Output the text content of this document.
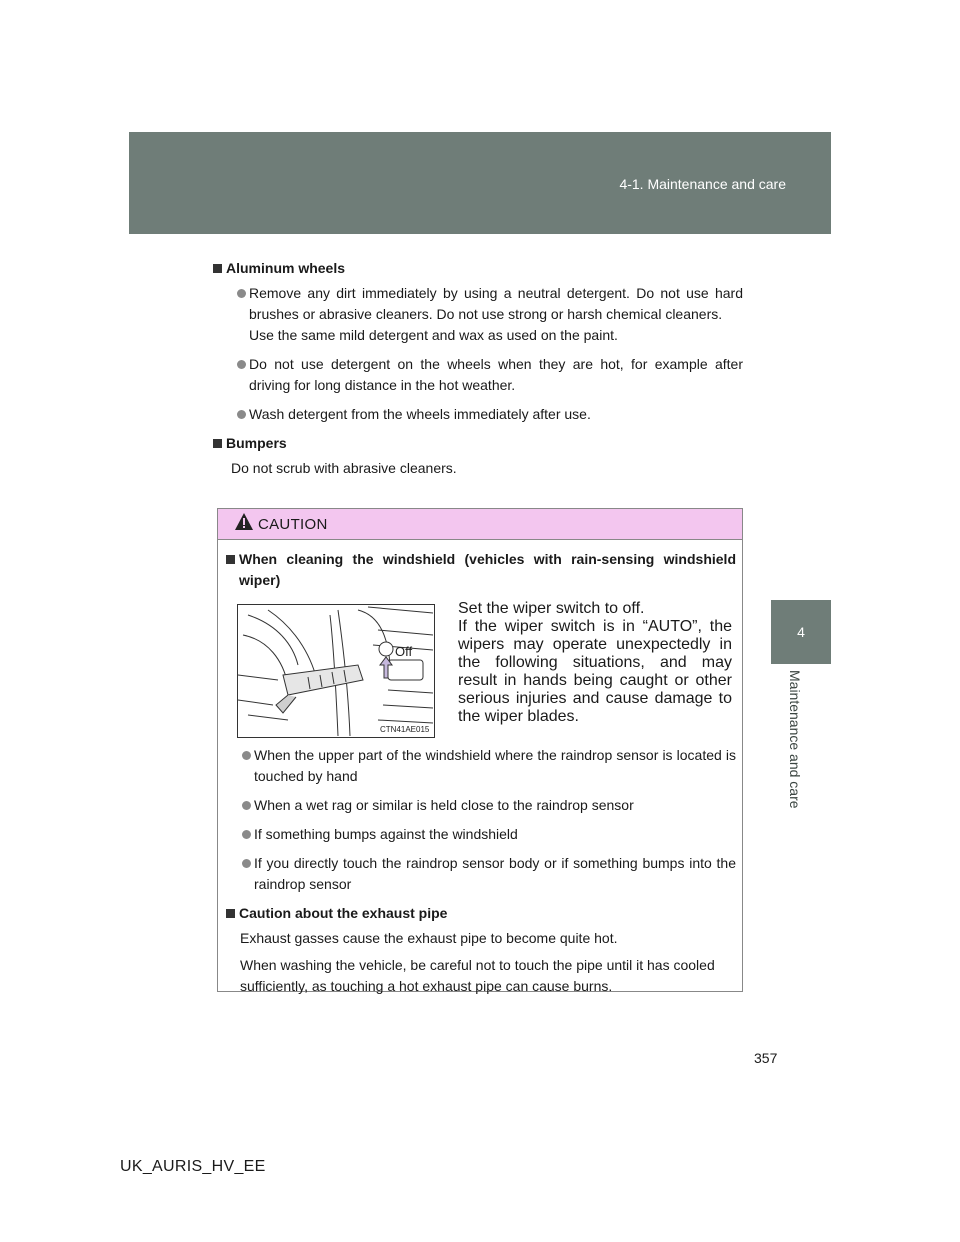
4-1. Maintenance and care
4
Maintenance and care
Aluminum wheels
Remove any dirt immediately by using a neutral detergent. Do not use hard brushes or abrasive cleaners. Do not use strong or harsh chemical cleaners.
Use the same mild detergent and wax as used on the paint.
Do not use detergent on the wheels when they are hot, for example after driving for long distance in the hot weather.
Wash detergent from the wheels immediately after use.
Bumpers
Do not scrub with abrasive cleaners.
CAUTION
When cleaning the windshield (vehicles with rain-sensing windshield wiper)
Off
CTN41AE015
Set the wiper switch to off.
If the wiper switch is in “AUTO”, the wipers may operate unexpectedly in the following situations, and may result in hands being caught or other serious injuries and cause damage to the wiper blades.
When the upper part of the windshield where the raindrop sensor is located is touched by hand
When a wet rag or similar is held close to the raindrop sensor
If something bumps against the windshield
If you directly touch the raindrop sensor body or if something bumps into the raindrop sensor
Caution about the exhaust pipe
Exhaust gasses cause the exhaust pipe to become quite hot.
When washing the vehicle, be careful not to touch the pipe until it has cooled sufficiently, as touching a hot exhaust pipe can cause burns.
357
UK_AURIS_HV_EE
